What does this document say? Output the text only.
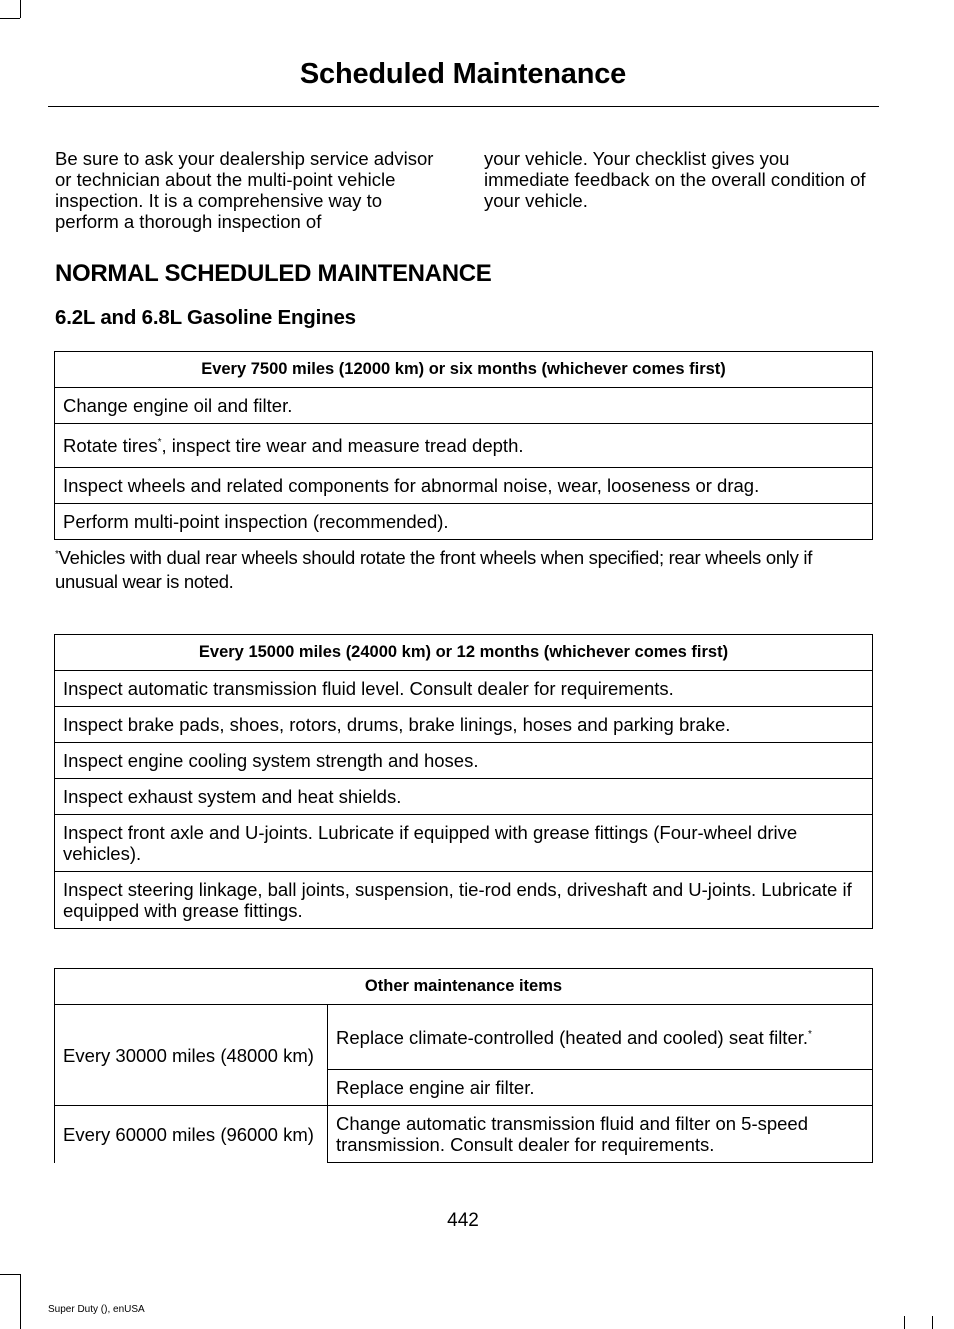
Scheduled Maintenance
Be sure to ask your dealership service advisor or technician about the multi-point vehicle inspection. It is a comprehensive way to perform a thorough inspection of
your vehicle. Your checklist gives you immediate feedback on the overall condition of your vehicle.
NORMAL SCHEDULED MAINTENANCE
6.2L and 6.8L Gasoline Engines
Every 7500 miles (12000 km) or six months (whichever comes first)
Change engine oil and filter.
Rotate tires*, inspect tire wear and measure tread depth.
Inspect wheels and related components for abnormal noise, wear, looseness or drag.
Perform multi-point inspection (recommended).
*Vehicles with dual rear wheels should rotate the front wheels when specified; rear wheels only if unusual wear is noted.
Every 15000 miles (24000 km) or 12 months (whichever comes first)
Inspect automatic transmission fluid level. Consult dealer for requirements.
Inspect brake pads, shoes, rotors, drums, brake linings, hoses and parking brake.
Inspect engine cooling system strength and hoses.
Inspect exhaust system and heat shields.
Inspect front axle and U-joints. Lubricate if equipped with grease fittings (Four-wheel drive vehicles).
Inspect steering linkage, ball joints, suspension, tie-rod ends, driveshaft and U-joints. Lubricate if equipped with grease fittings.
Other maintenance items	
Every 30000 miles (48000 km)	Replace climate-controlled (heated and cooled) seat filter.*
	Replace engine air filter.
Every 60000 miles (96000 km)	Change automatic transmission fluid and filter on 5-speed transmission. Consult dealer for requirements.
442
Super Duty (), enUSA
